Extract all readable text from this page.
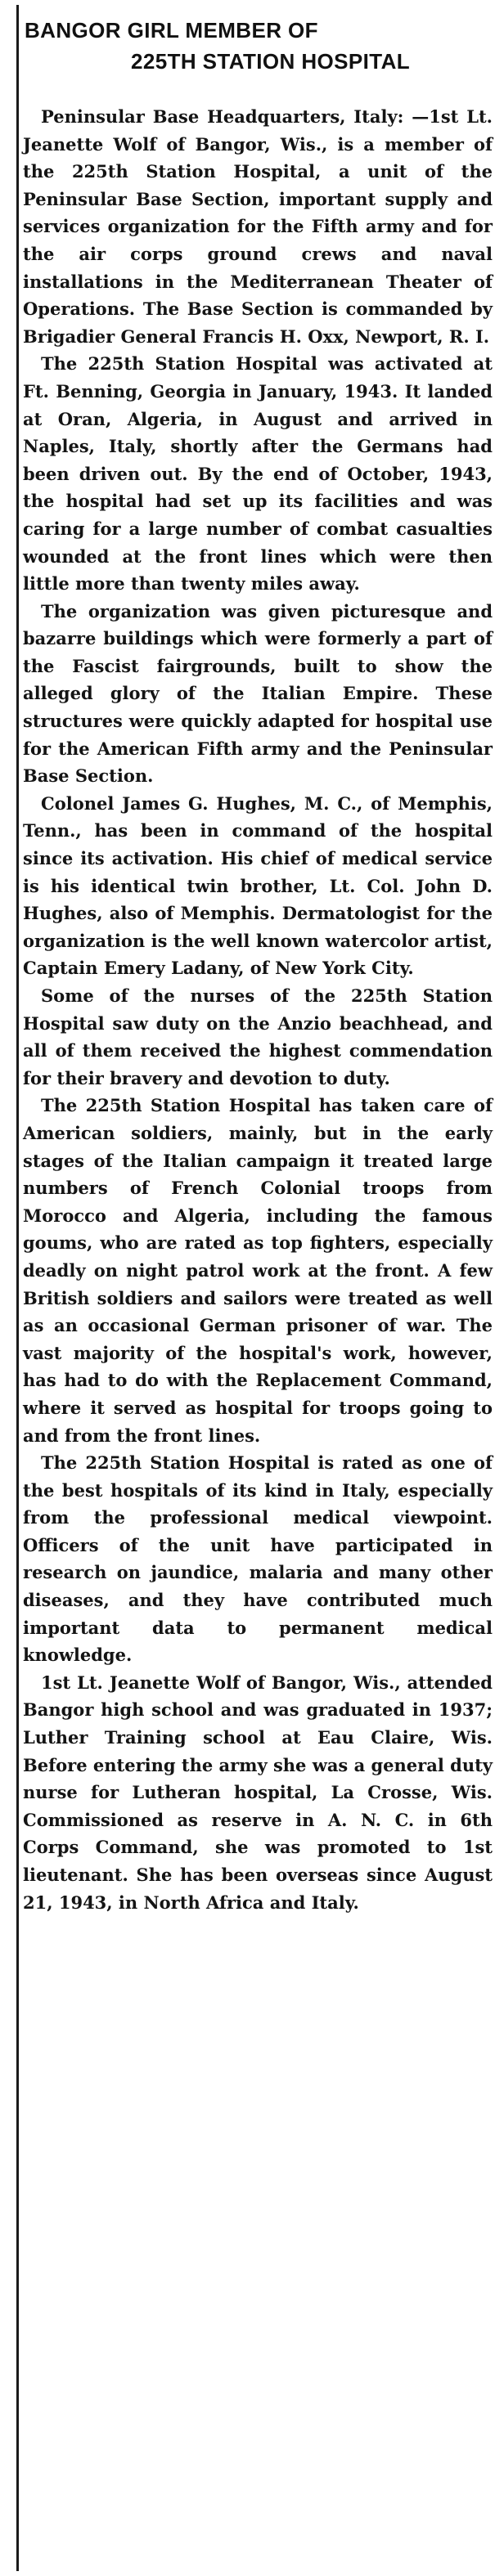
BANGOR GIRL MEMBER OF
225TH STATION HOSPITAL

Peninsular Base Headquarters, Italy: —1st Lt. Jeanette Wolf of Bangor, Wis., is a member of the 225th Station Hospital, a unit of the Peninsular Base Section, important supply and services organization for the Fifth army and for the air corps ground crews and naval installations in the Mediterranean Theater of Operations. The Base Section is commanded by Brigadier General Francis H. Oxx, Newport, R. I.

The 225th Station Hospital was activated at Ft. Benning, Georgia in January, 1943. It landed at Oran, Algeria, in August and arrived in Naples, Italy, shortly after the Germans had been driven out. By the end of October, 1943, the hospital had set up its facilities and was caring for a large number of combat casualties wounded at the front lines which were then little more than twenty miles away.

The organization was given picturesque and bazarre buildings which were formerly a part of the Fascist fairgrounds, built to show the alleged glory of the Italian Empire. These structures were quickly adapted for hospital use for the American Fifth army and the Peninsular Base Section.

Colonel James G. Hughes, M. C., of Memphis, Tenn., has been in command of the hospital since its activation. His chief of medical service is his identical twin brother, Lt. Col. John D. Hughes, also of Memphis. Dermatologist for the organization is the well known watercolor artist, Captain Emery Ladany, of New York City.

Some of the nurses of the 225th Station Hospital saw duty on the Anzio beachhead, and all of them received the highest commendation for their bravery and devotion to duty.

The 225th Station Hospital has taken care of American soldiers, mainly, but in the early stages of the Italian campaign it treated large numbers of French Colonial troops from Morocco and Algeria, including the famous goums, who are rated as top fighters, especially deadly on night patrol work at the front. A few British soldiers and sailors were treated as well as an occasional German prisoner of war. The vast majority of the hospital's work, however, has had to do with the Replacement Command, where it served as hospital for troops going to and from the front lines.

The 225th Station Hospital is rated as one of the best hospitals of its kind in Italy, especially from the professional medical viewpoint. Officers of the unit have participated in research on jaundice, malaria and many other diseases, and they have contributed much important data to permanent medical knowledge.

1st Lt. Jeanette Wolf of Bangor, Wis., attended Bangor high school and was graduated in 1937; Luther Training school at Eau Claire, Wis. Before entering the army she was a general duty nurse for Lutheran hospital, La Crosse, Wis. Commissioned as reserve in A. N. C. in 6th Corps Command, she was promoted to 1st lieutenant. She has been overseas since August 21, 1943, in North Africa and Italy.
